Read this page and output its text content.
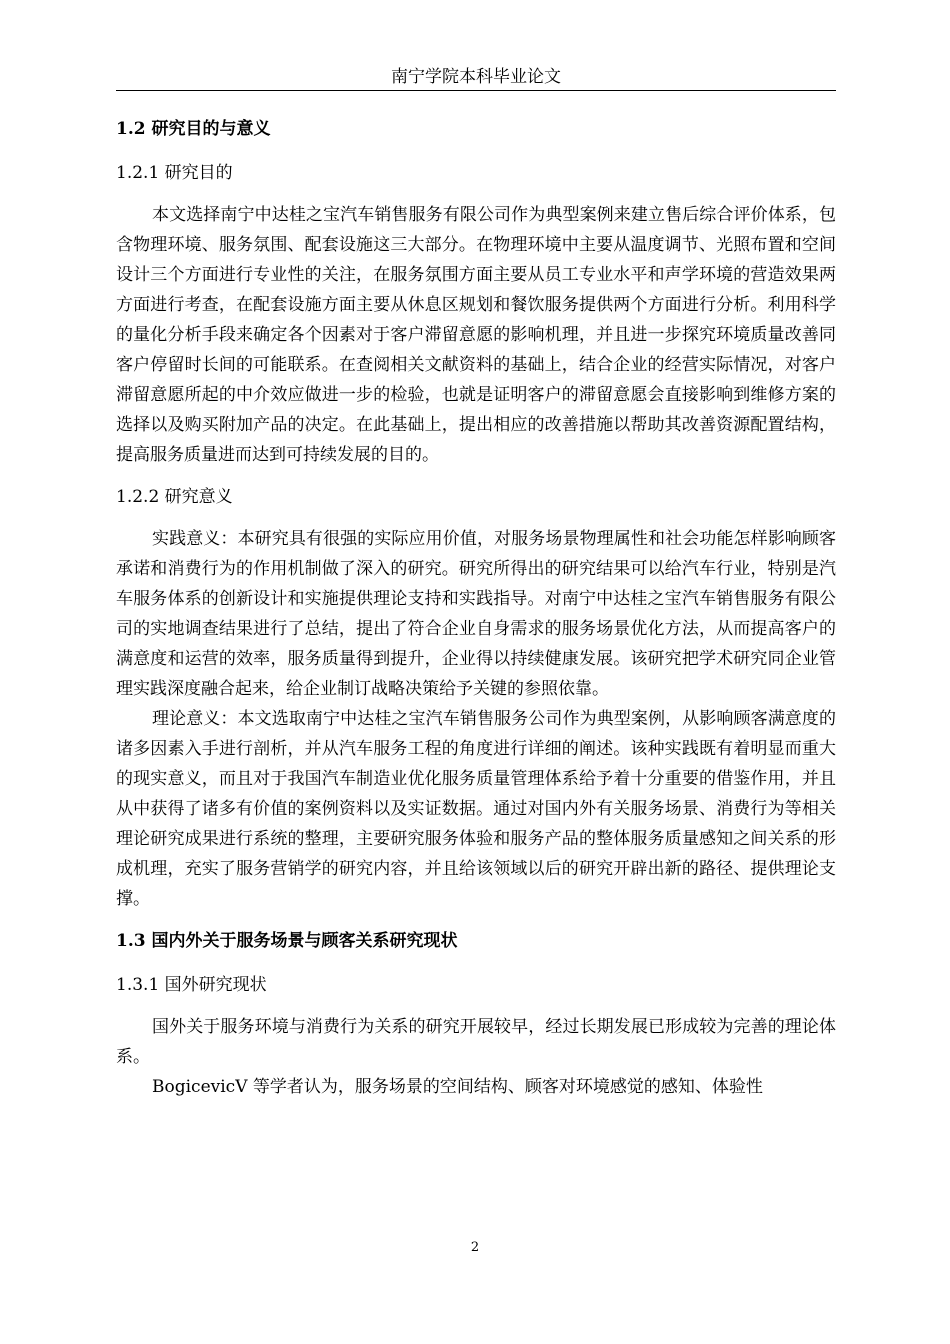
南宁学院本科毕业论文
1.2 研究目的与意义
1.2.1 研究目的

本文选择南宁中达桂之宝汽车销售服务有限公司作为典型案例来建立售后综合评价体系，包含物理环境、服务氛围、配套设施这三大部分。在物理环境中主要从温度调节、光照布置和空间设计三个方面进行专业性的关注，在服务氛围方面主要从员工专业水平和声学环境的营造效果两方面进行考查，在配套设施方面主要从休息区规划和餐饮服务提供两个方面进行分析。利用科学的量化分析手段来确定各个因素对于客户滞留意愿的影响机理，并且进一步探究环境质量改善同客户停留时长间的可能联系。在查阅相关文献资料的基础上，结合企业的经营实际情况，对客户滞留意愿所起的中介效应做进一步的检验，也就是证明客户的滞留意愿会直接影响到维修方案的选择以及购买附加产品的决定。在此基础上，提出相应的改善措施以帮助其改善资源配置结构，提高服务质量进而达到可持续发展的目的。

1.2.2 研究意义

实践意义：本研究具有很强的实际应用价值，对服务场景物理属性和社会功能怎样影响顾客承诺和消费行为的作用机制做了深入的研究。研究所得出的研究结果可以给汽车行业，特别是汽车服务体系的创新设计和实施提供理论支持和实践指导。对南宁中达桂之宝汽车销售服务有限公司的实地调查结果进行了总结，提出了符合企业自身需求的服务场景优化方法，从而提高客户的满意度和运营的效率，服务质量得到提升，企业得以持续健康发展。该研究把学术研究同企业管理实践深度融合起来，给企业制订战略决策给予关键的参照依靠。

理论意义：本文选取南宁中达桂之宝汽车销售服务公司作为典型案例，从影响顾客满意度的诸多因素入手进行剖析，并从汽车服务工程的角度进行详细的阐述。该种实践既有着明显而重大的现实意义，而且对于我国汽车制造业优化服务质量管理体系给予着十分重要的借鉴作用，并且从中获得了诸多有价值的案例资料以及实证数据。通过对国内外有关服务场景、消费行为等相关理论研究成果进行系统的整理，主要研究服务体验和服务产品的整体服务质量感知之间关系的形成机理，充实了服务营销学的研究内容，并且给该领域以后的研究开辟出新的路径、提供理论支撑。

1.3 国内外关于服务场景与顾客关系研究现状
1.3.1 国外研究现状

国外关于服务环境与消费行为关系的研究开展较早，经过长期发展已形成较为完善的理论体系。

BogicevicV 等学者认为，服务场景的空间结构、顾客对环境感觉的感知、体验性

2
